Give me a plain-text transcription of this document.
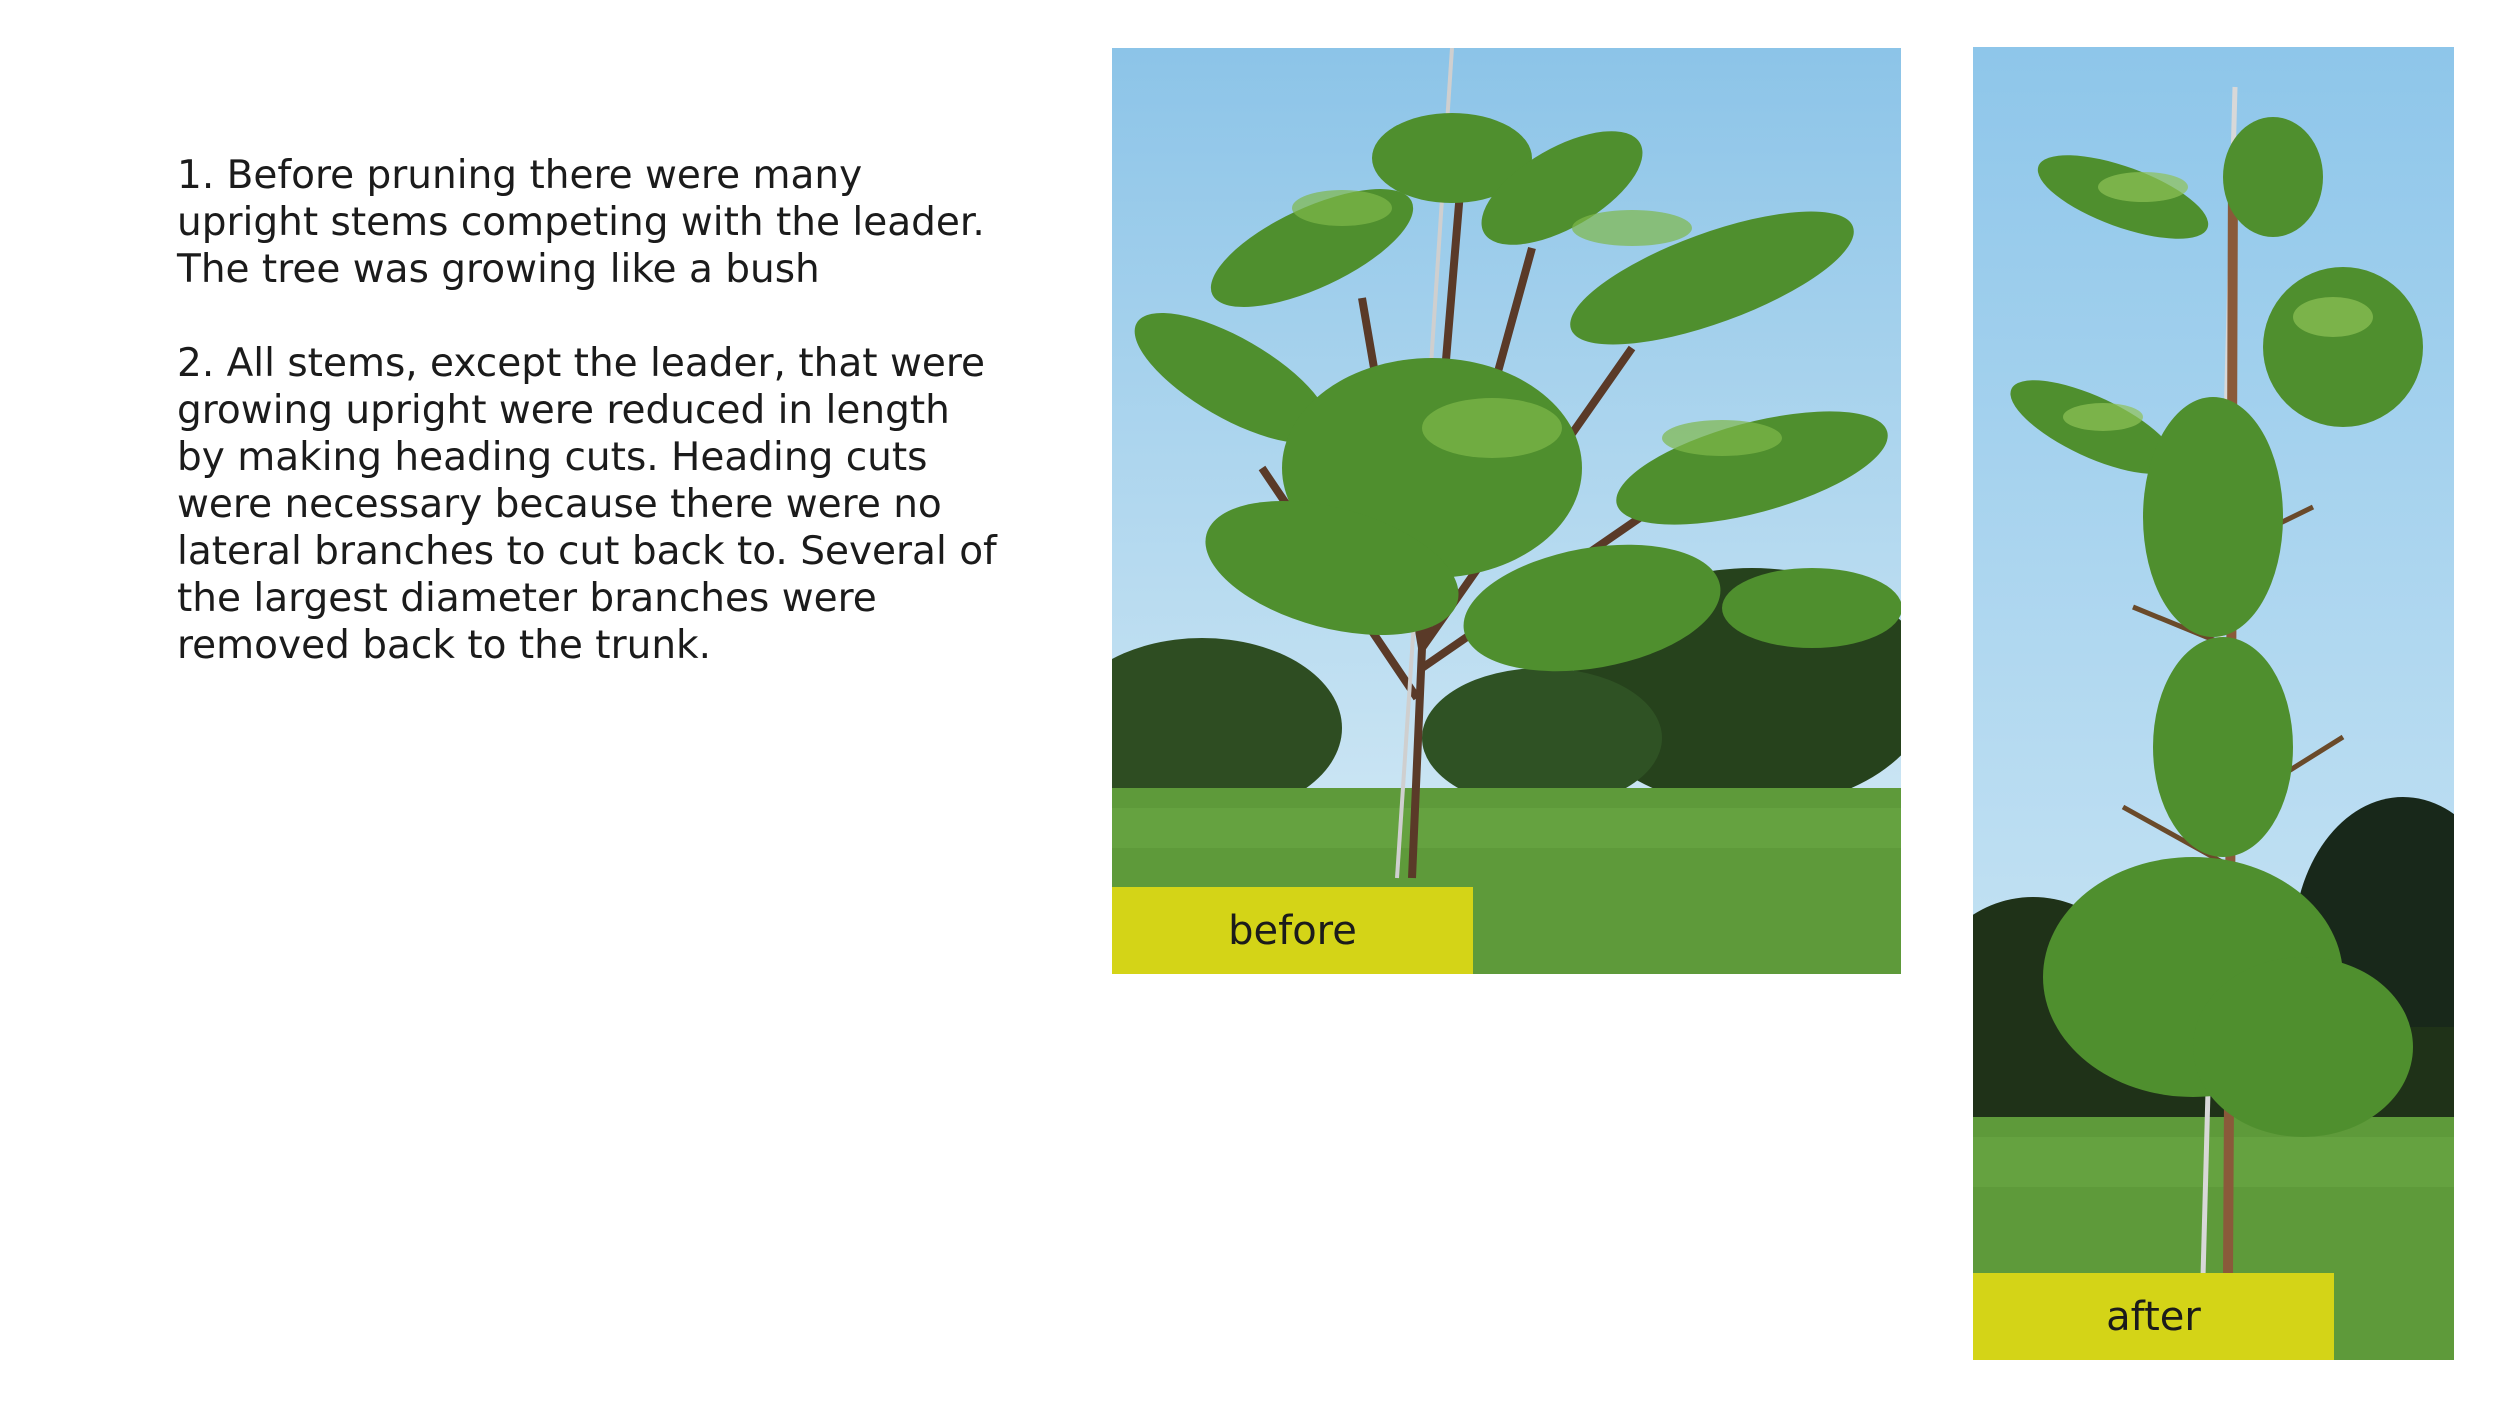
1. Before pruning there were many upright stems competing with the leader. The tree was growing like a bush

2. All stems, except the leader, that were growing upright were reduced in length by making heading cuts. Heading cuts were necessary because there were no lateral branches to cut back to. Several of the largest diameter branches were removed back to the trunk.

before
after
